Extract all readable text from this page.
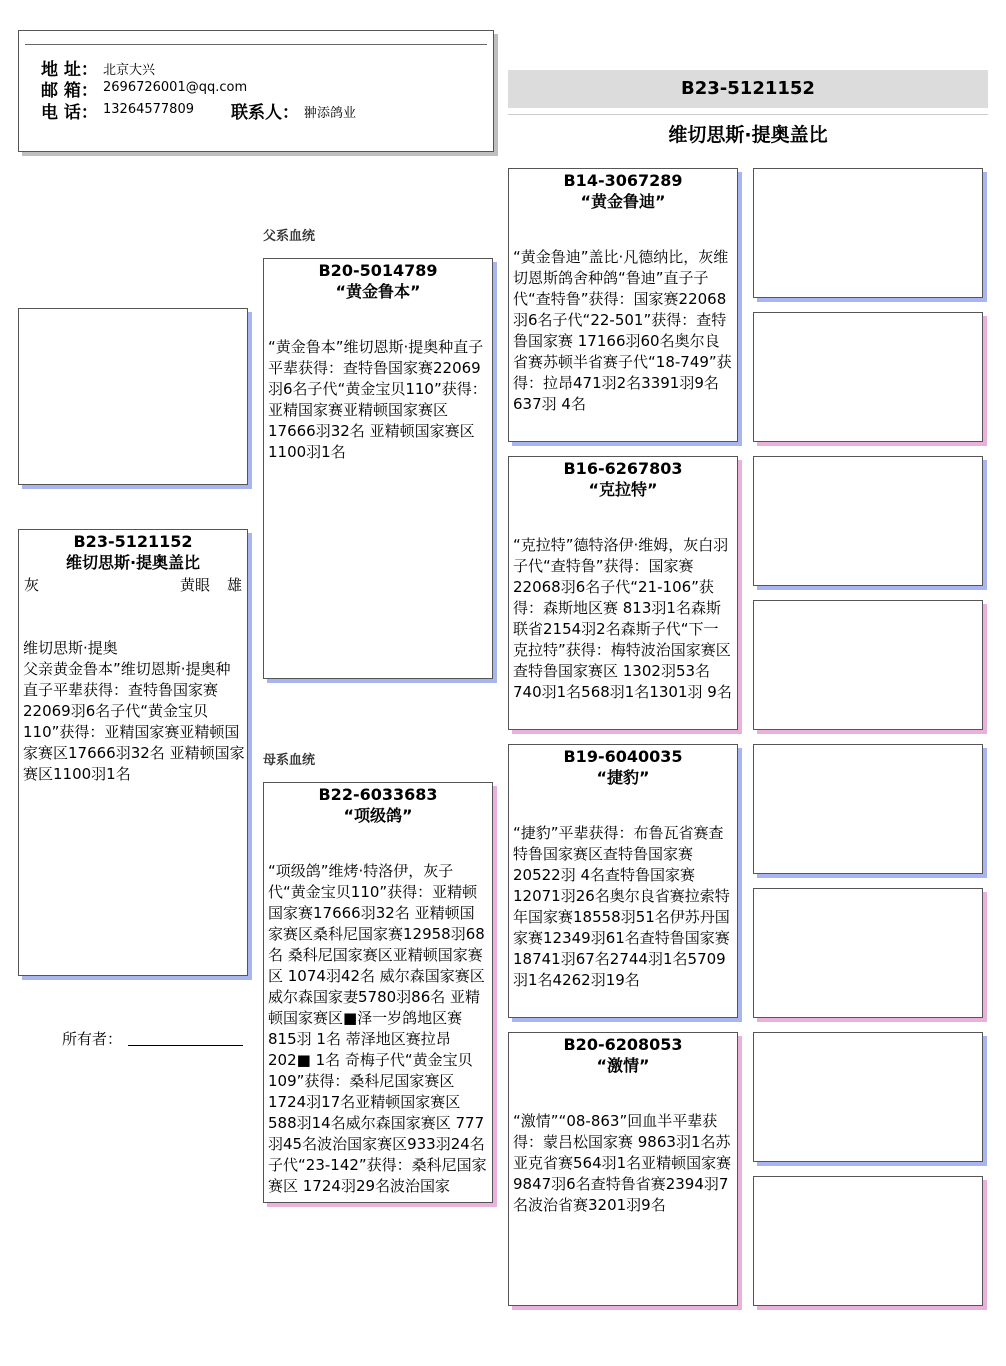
地 址： 北京大兴
邮 箱： 2696726001@qq.com
电 话： 13264577809 联系人： 翀添鸽业
B23-5121152
维切思斯·提奥盖比
B23-5121152
维切思斯·提奥盖比
灰	黄眼 雄
维切思斯·提奥
父亲黄金鲁本”维切恩斯·提奥种直子平辈获得：查特鲁国家赛22069羽6名子代“黄金宝贝110”获得：亚精国家赛亚精顿国家赛区17666羽32名 亚精顿国家赛区1100羽1名
所有者：
父系血统
母系血统
B20-5014789
“黄金鲁本”
“黄金鲁本”维切恩斯·提奥种直子平辈获得：查特鲁国家赛22069羽6名子代“黄金宝贝110”获得：亚精国家赛亚精顿国家赛区17666羽32名 亚精顿国家赛区1100羽1名
B22-6033683
“项级鸽”
“项级鸽”维烤·特洛伊，灰子代“黄金宝贝110”获得：亚精顿国家赛17666羽32名 亚精顿国家赛区桑科尼国家赛12958羽68名 桑科尼国家赛区亚精顿国家赛区 1074羽42名 威尔森国家赛区威尔森国家妻5780羽86名 亚精顿国家赛区■泽一岁鸽地区赛815羽 1名 蒂泽地区赛拉昂202■ 1名 奇梅子代“黄金宝贝109”获得：桑科尼国家赛区1724羽17名亚精顿国家赛区588羽14名威尔森国家赛区 777羽45名波治国家赛区933羽24名子代“23-142”获得：桑科尼国家赛区 1724羽29名波治国家
B14-3067289
“黄金鲁迪”
“黄金鲁迪”盖比·凡德纳比，灰维切恩斯鸽舍种鸽“鲁迪”直子子代“查特鲁”获得：国家赛22068羽6名子代“22-501”获得：查特鲁国家赛 17166羽60名奥尔良省赛苏顿半省赛子代“18-749”获得：拉昂471羽2名3391羽9名637羽 4名
B16-6267803
“克拉特”
“克拉特”德特洛伊·维姆，灰白羽子代“查特鲁”获得：国家赛22068羽6名子代“21-106”获得：森斯地区赛 813羽1名森斯联省2154羽2名森斯子代“下一克拉特”获得：梅特波治国家赛区查特鲁国家赛区 1302羽53名740羽1名568羽1名1301羽 9名
B19-6040035
“捷豹”
“捷豹”平辈获得：布鲁瓦省赛查特鲁国家赛区查特鲁国家赛20522羽 4名查特鲁国家赛12071羽26名奥尔良省赛拉索特年国家赛18558羽51名伊苏丹国家赛12349羽61名查特鲁国家赛18741羽67名2744羽1名5709羽1名4262羽19名
B20-6208053
“激情”
“激情”“08-863”回血半平辈获得：蒙吕松国家赛 9863羽1名苏亚克省赛564羽1名亚精顿国家赛9847羽6名查特鲁省赛2394羽7名波治省赛3201羽9名
